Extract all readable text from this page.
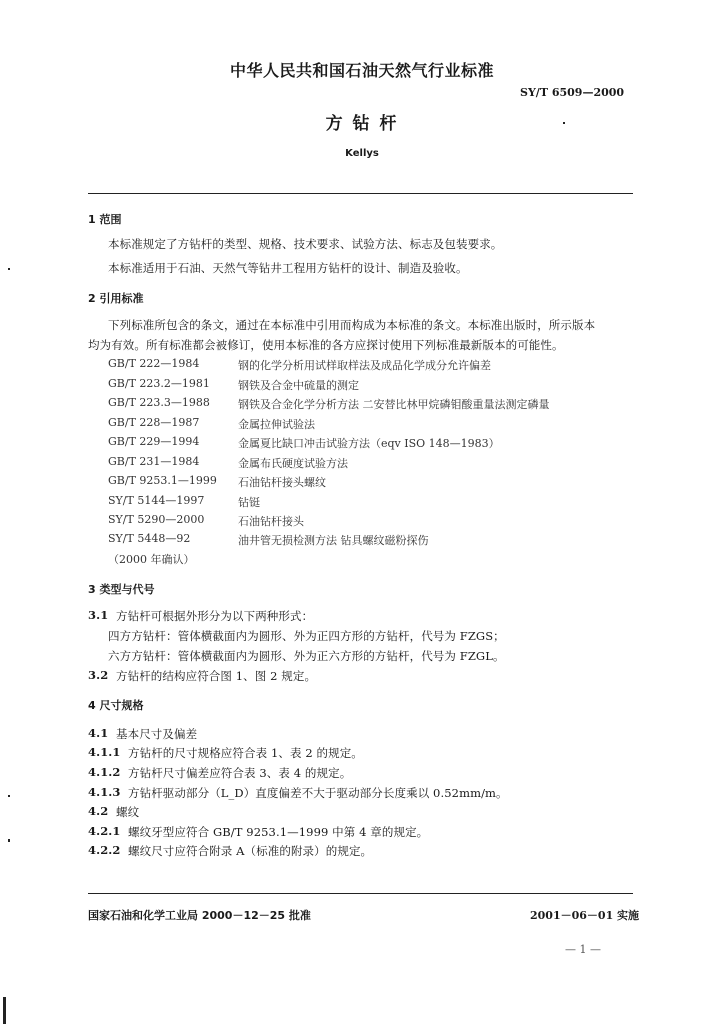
中华人民共和国石油天然气行业标准
SY/T 6509—2000
方 钻 杆
Kellys
1 范围
本标准规定了方钻杆的类型、规格、技术要求、试验方法、标志及包装要求。
本标准适用于石油、天然气等钻井工程用方钻杆的设计、制造及验收。
2 引用标准
下列标准所包含的条文，通过在本标准中引用而构成为本标准的条文。本标准出版时，所示版本
均为有效。所有标准都会被修订，使用本标准的各方应探讨使用下列标准最新版本的可能性。
GB/T 222—1984	钢的化学分析用试样取样法及成品化学成分允许偏差
GB/T 223.2—1981	钢铁及合金中硫量的测定
GB/T 223.3—1988	钢铁及合金化学分析方法 二安替比林甲烷磷钼酸重量法测定磷量
GB/T 228—1987	金属拉伸试验法
GB/T 229—1994	金属夏比缺口冲击试验方法（eqv ISO 148—1983）
GB/T 231—1984	金属布氏硬度试验方法
GB/T 9253.1—1999 石油钻杆接头螺纹
SY/T 5144—1997	钻铤
SY/T 5290—2000	石油钻杆接头
SY/T 5448—92	油井管无损检测方法 钻具螺纹磁粉探伤
（2000 年确认）
3 类型与代号
3.1 方钻杆可根据外形分为以下两种形式：
四方方钻杆：管体横截面内为圆形、外为正四方形的方钻杆，代号为 FZGS；
六方方钻杆：管体横截面内为圆形、外为正六方形的方钻杆，代号为 FZGL。
3.2 方钻杆的结构应符合图 1、图 2 规定。
4 尺寸规格
4.1 基本尺寸及偏差
4.1.1 方钻杆的尺寸规格应符合表 1、表 2 的规定。
4.1.2 方钻杆尺寸偏差应符合表 3、表 4 的规定。
4.1.3 方钻杆驱动部分（L_D）直度偏差不大于驱动部分长度乘以 0.52mm/m。
4.2 螺纹
4.2.1 螺纹牙型应符合 GB/T 9253.1—1999 中第 4 章的规定。
4.2.2 螺纹尺寸应符合附录 A（标准的附录）的规定。
国家石油和化学工业局 2000－12－25 批准	2001－06－01 实施
— 1 —
